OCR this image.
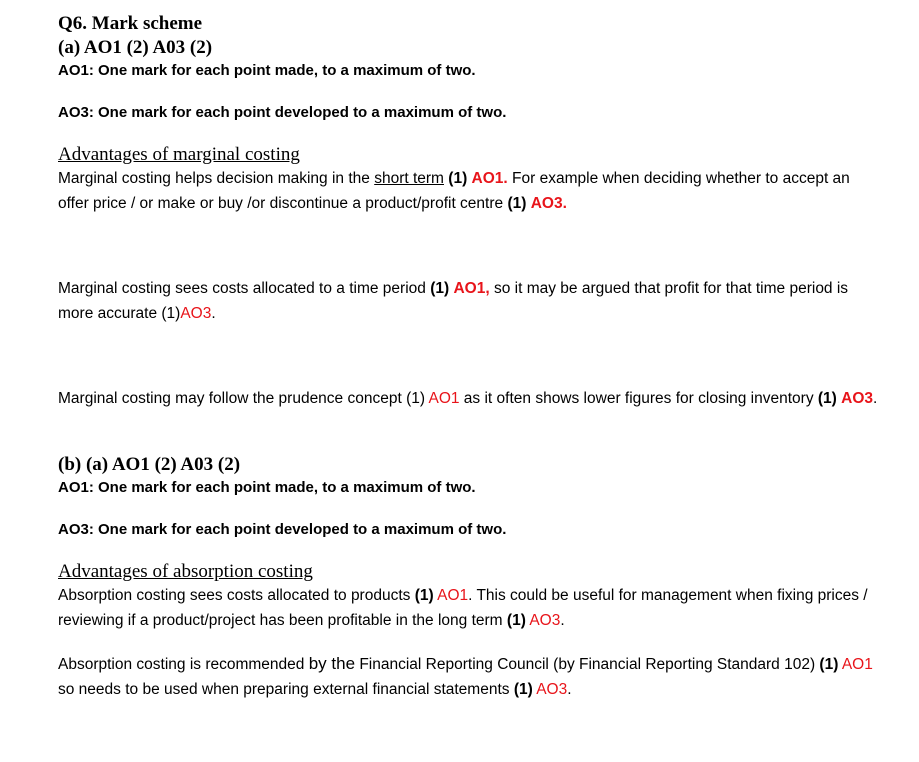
Q6. Mark scheme

(a) AO1 (2) A03 (2)

AO1: One mark for each point made, to a maximum of two.

AO3: One mark for each point developed to a maximum of two.

Advantages of marginal costing

Marginal costing helps decision making in the short term (1) AO1. For example when deciding whether to accept an offer price / or make or buy /or discontinue a product/profit centre (1) AO3.

Marginal costing sees costs allocated to a time period (1) AO1, so it may be argued that profit for that time period is more accurate (1)AO3.

Marginal costing may follow the prudence concept (1) AO1 as it often shows lower figures for closing inventory (1) AO3.

(b) (a) AO1 (2) A03 (2)

AO1: One mark for each point made, to a maximum of two.

AO3: One mark for each point developed to a maximum of two.

Advantages of absorption costing

Absorption costing sees costs allocated to products (1) AO1. This could be useful for management when fixing prices / reviewing if a product/project has been profitable in the long term (1) AO3.

Absorption costing is recommended by the Financial Reporting Council (by Financial Reporting Standard 102) (1) AO1 so needs to be used when preparing external financial statements (1) AO3.
